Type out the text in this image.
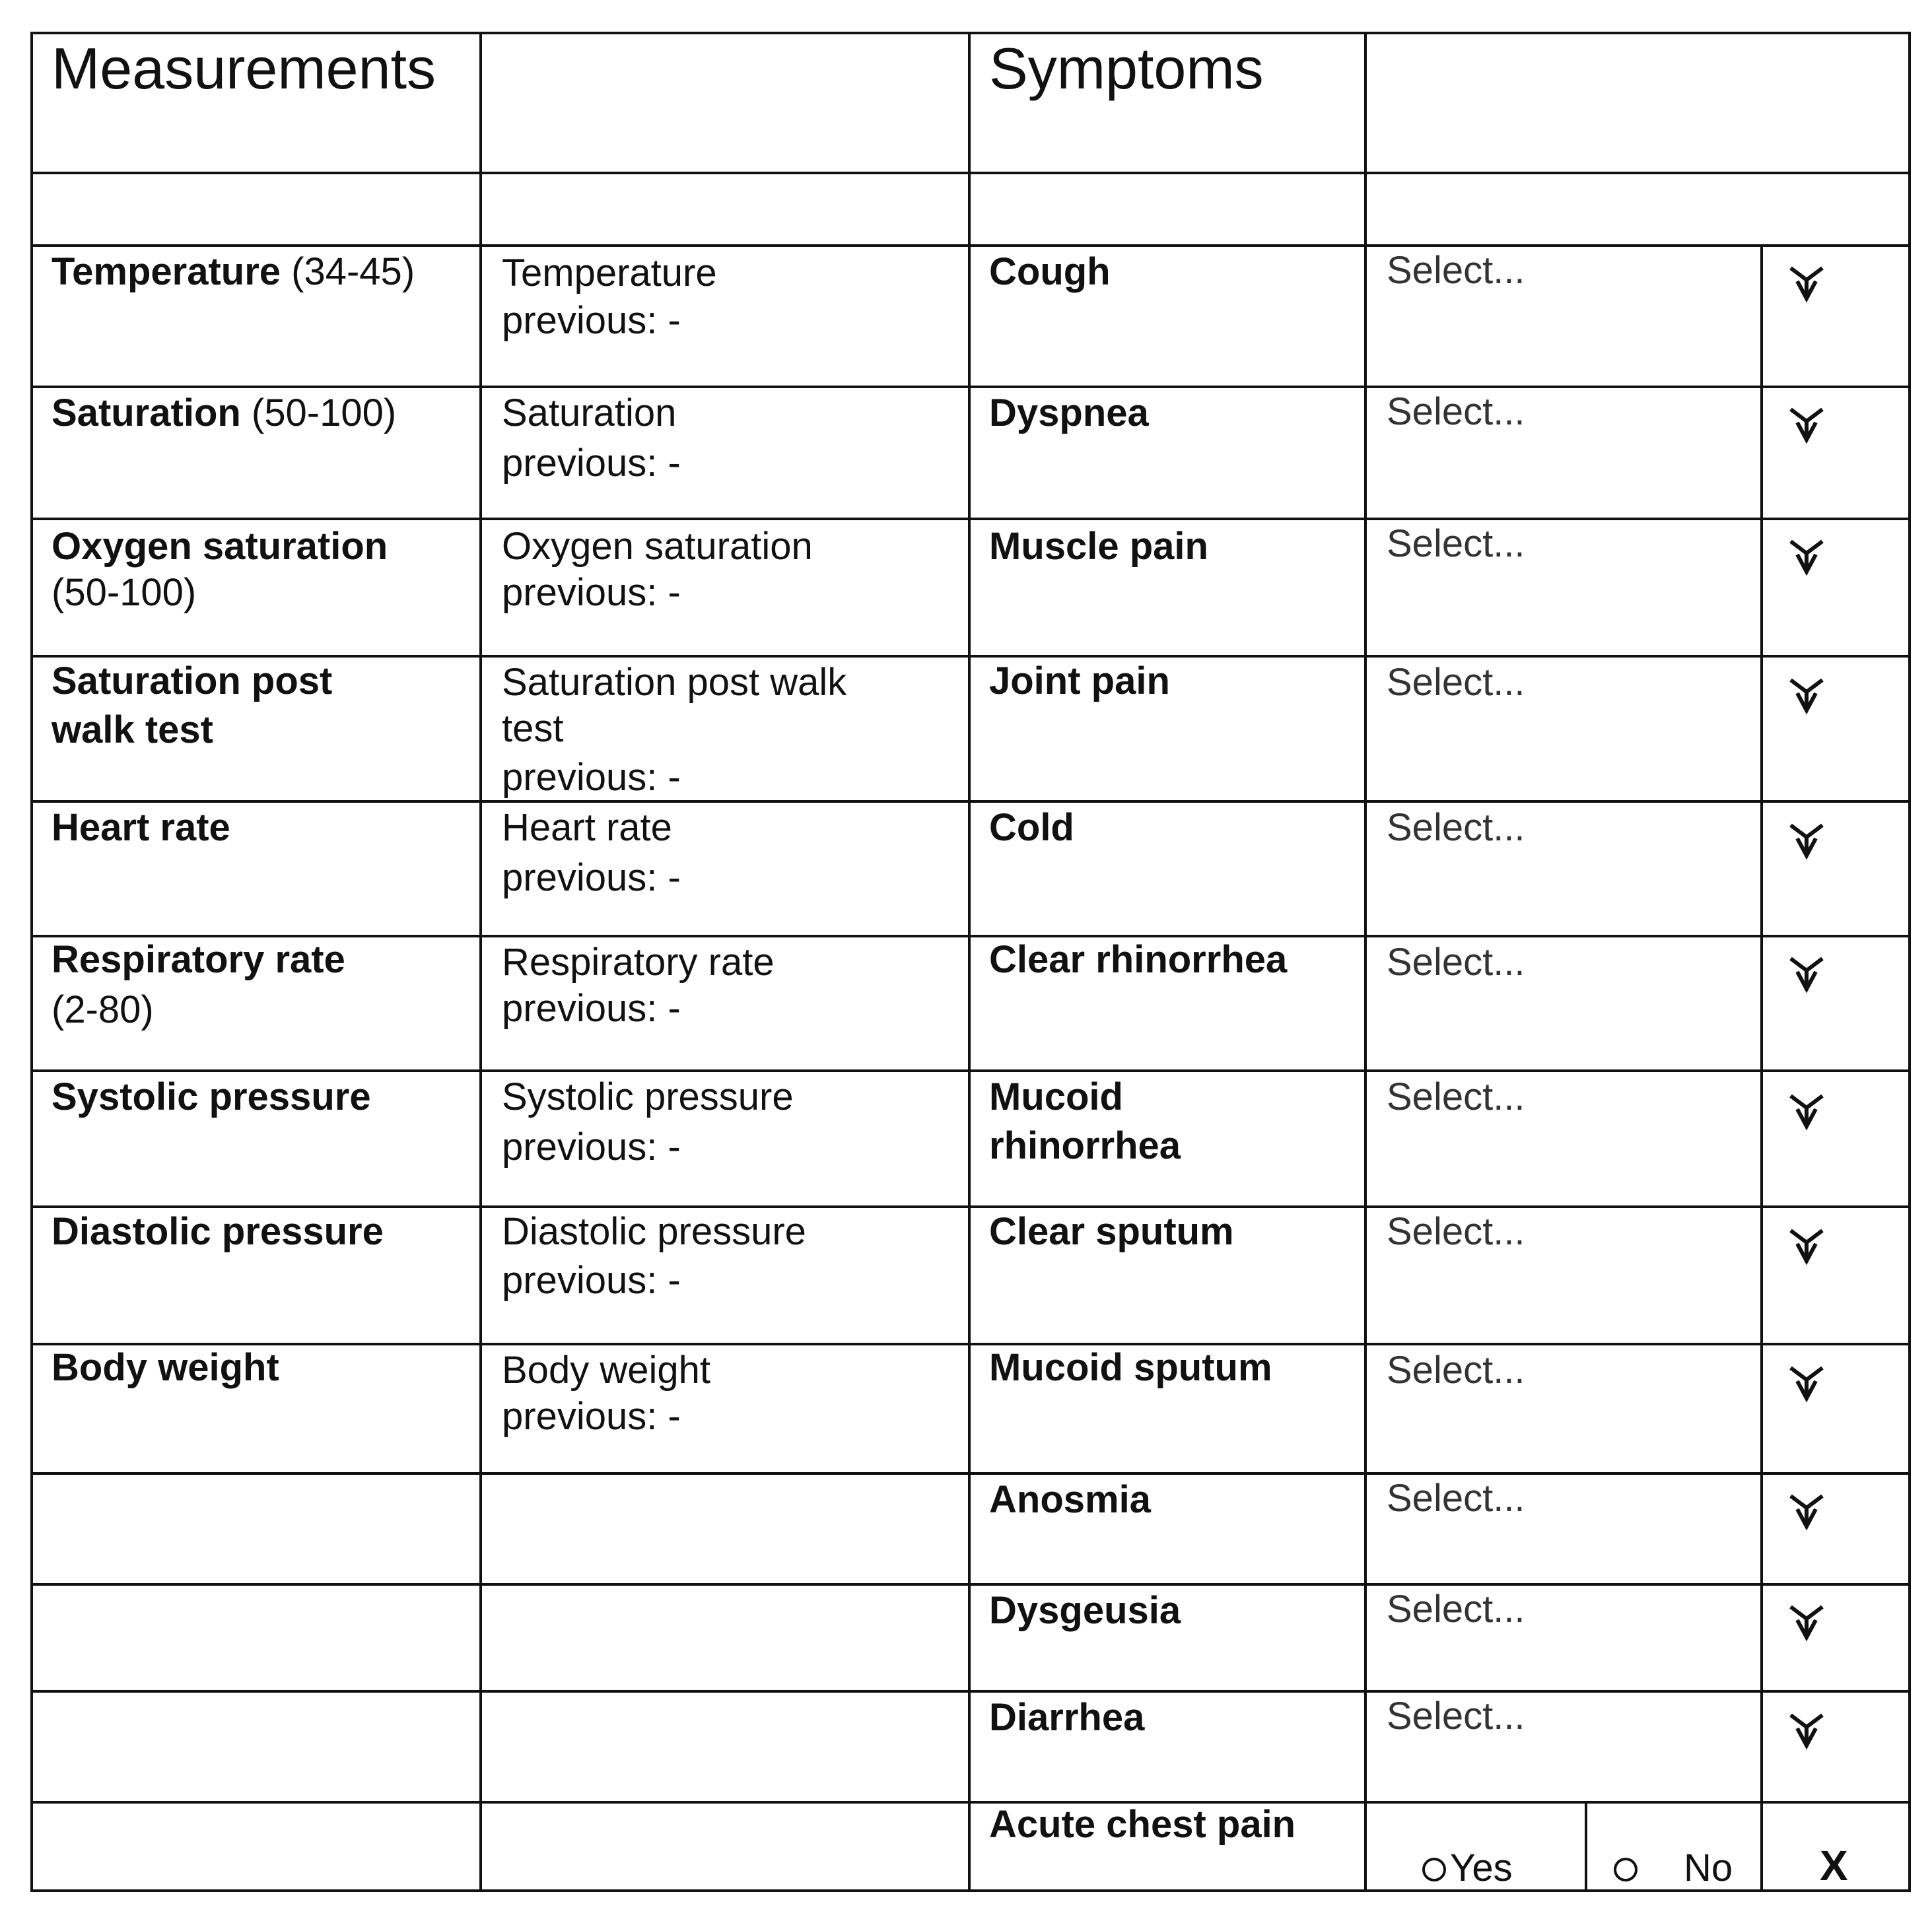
Measurements	Symptoms
Temperature (34-45)
Saturation (50-100)
Oxygen saturation
(50-100)
Saturation post
walk test
Heart rate
Respiratory rate
(2-80)
Systolic pressure
Diastolic pressure
Body weight
Temperature
previous: -
Saturation
previous: -
Oxygen saturation
previous: -
Saturation post walk
test
previous: -
Heart rate
previous: -
Respiratory rate
previous: -
Systolic pressure
previous: -
Diastolic pressure
previous: -
Body weight
previous: -
Cough
Dyspnea
Muscle pain
Joint pain
Cold
Clear rhinorrhea
Mucoid
rhinorrhea
Clear sputum
Mucoid sputum
Anosmia
Dysgeusia
Diarrhea
Acute chest pain
Select...
Select...
Select...
Select...
Select...
Select...
Select...
Select...
Select...
Select...
Select...
Select...
Yes	No X
